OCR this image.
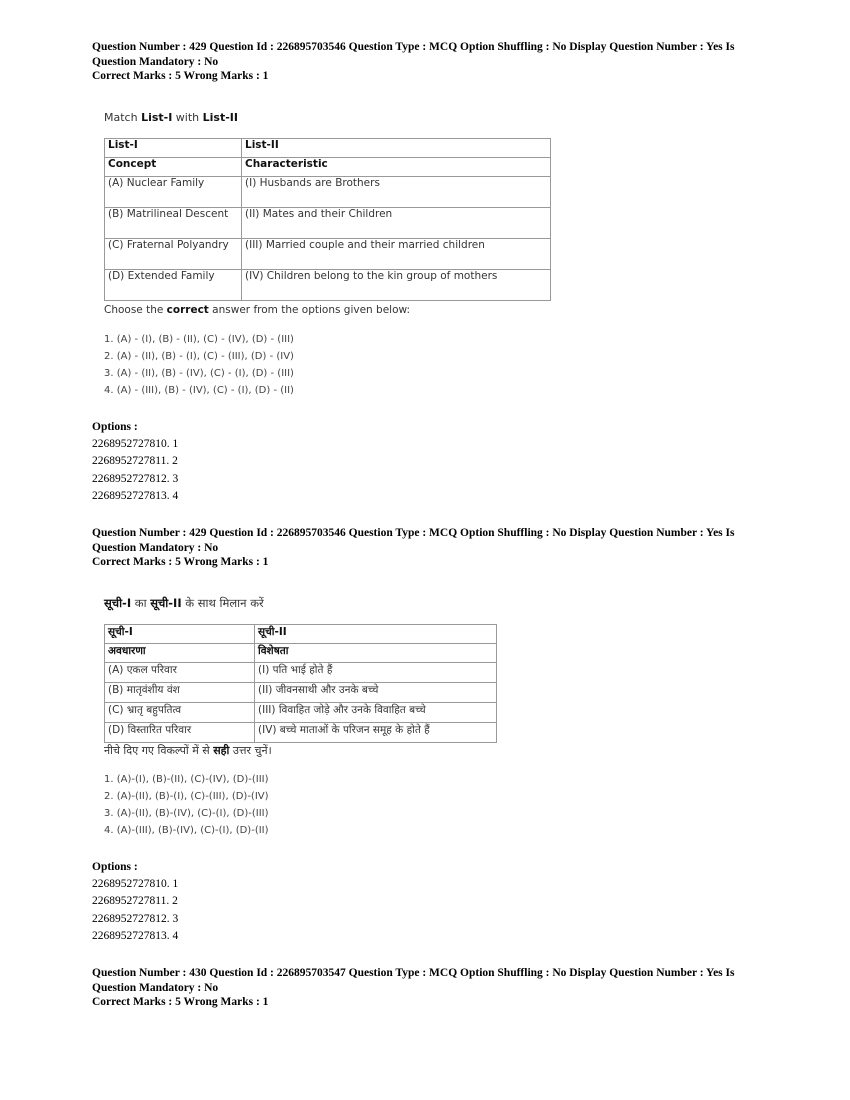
Question Number : 429 Question Id : 226895703546 Question Type : MCQ Option Shuffling : No Display Question Number : Yes Is
Question Mandatory : No
Correct Marks : 5 Wrong Marks : 1
Match List-I with List-II
List-I	List-II
Concept	Characteristic
(A) Nuclear Family	(I) Husbands are Brothers
(B) Matrilineal Descent	(II) Mates and their Children
(C) Fraternal Polyandry	(III) Married couple and their married children
(D) Extended Family	(IV) Children belong to the kin group of mothers
Choose the correct answer from the options given below:
1. (A) - (I), (B) - (II), (C) - (IV), (D) - (III)
2. (A) - (II), (B) - (I), (C) - (III), (D) - (IV)
3. (A) - (II), (B) - (IV), (C) - (I), (D) - (III)
4. (A) - (III), (B) - (IV), (C) - (I), (D) - (II)
Options :
2268952727810. 1
2268952727811. 2
2268952727812. 3
2268952727813. 4
Question Number : 429 Question Id : 226895703546 Question Type : MCQ Option Shuffling : No Display Question Number : Yes Is
Question Mandatory : No
Correct Marks : 5 Wrong Marks : 1
सूची-I का सूची-II के साथ मिलान करें
सूची-I	सूची-II
अवधारणा	विशेषता
(A) एकल परिवार	(I) पति भाई होते हैं
(B) मातृवंशीय वंश	(II) जीवनसाथी और उनके बच्चे
(C) भ्रातृ बहुपतित्व	(III) विवाहित जोड़े और उनके विवाहित बच्चे
(D) विस्तारित परिवार	(IV) बच्चे माताओं के परिजन समूह के होते हैं
नीचे दिए गए विकल्पों में से सही उत्तर चुनें।
1. (A)-(I), (B)-(II), (C)-(IV), (D)-(III)
2. (A)-(II), (B)-(I), (C)-(III), (D)-(IV)
3. (A)-(II), (B)-(IV), (C)-(I), (D)-(III)
4. (A)-(III), (B)-(IV), (C)-(I), (D)-(II)
Options :
2268952727810. 1
2268952727811. 2
2268952727812. 3
2268952727813. 4
Question Number : 430 Question Id : 226895703547 Question Type : MCQ Option Shuffling : No Display Question Number : Yes Is
Question Mandatory : No
Correct Marks : 5 Wrong Marks : 1
